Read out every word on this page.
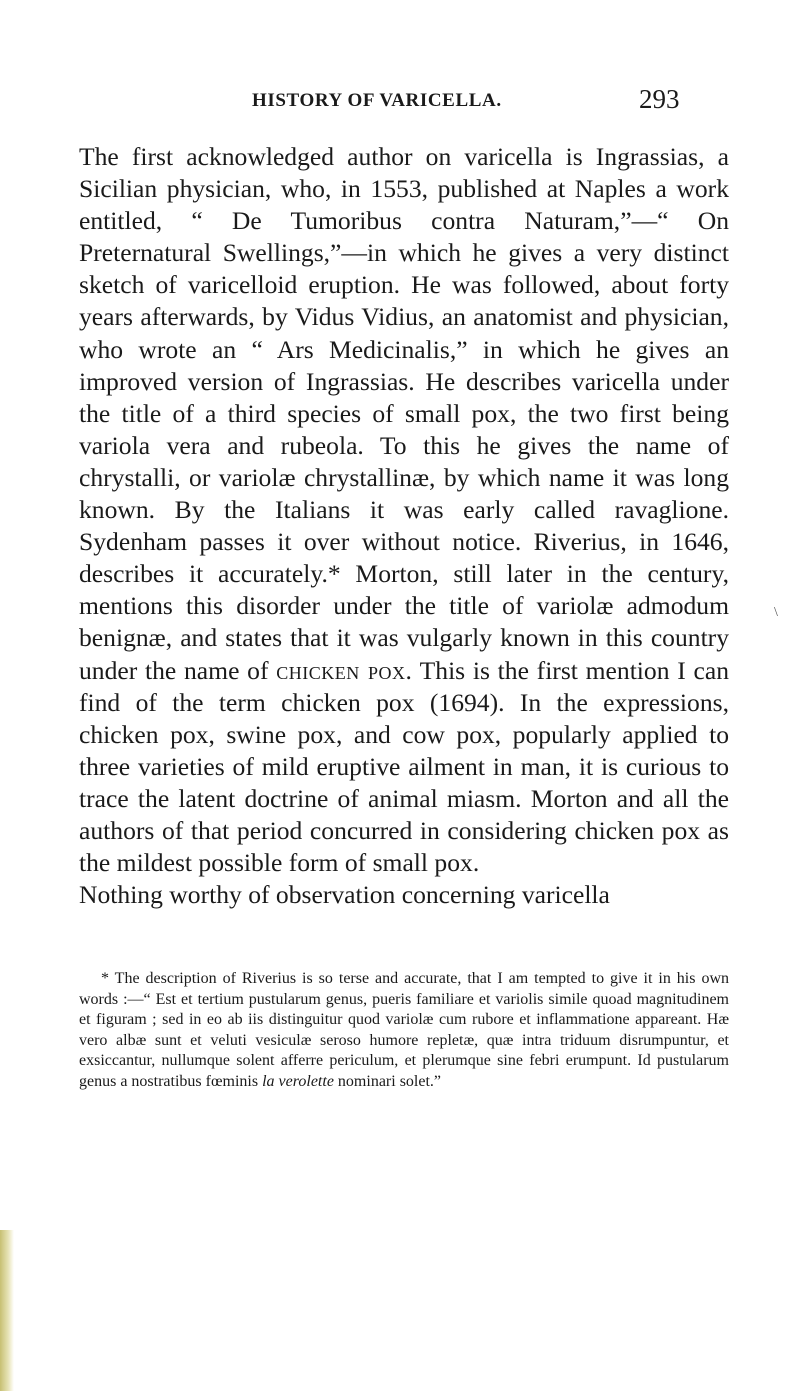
HISTORY OF VARICELLA.	293

The first acknowledged author on varicella is Ingrassias, a Sicilian physician, who, in 1553, published at Naples a work entitled, “ De Tumoribus contra Naturam,”—“ On Preternatural Swellings,”—in which he gives a very distinct sketch of varicelloid eruption. He was followed, about forty years afterwards, by Vidus Vidius, an anatomist and physician, who wrote an “ Ars Medicinalis,” in which he gives an improved version of Ingrassias. He describes varicella under the title of a third species of small pox, the two first being variola vera and rubeola. To this he gives the name of chrystalli, or variolæ chrystallinæ, by which name it was long known. By the Italians it was early called ravaglione. Sydenham passes it over without notice. Riverius, in 1646, describes it accurately.* Morton, still later in the century, mentions this disorder under the title of variolæ admodum benignæ, and states that it was vulgarly known in this country under the name of chicken pox. This is the first mention I can find of the term chicken pox (1694). In the expressions, chicken pox, swine pox, and cow pox, popularly applied to three varieties of mild eruptive ailment in man, it is curious to trace the latent doctrine of animal miasm. Morton and all the authors of that period concurred in considering chicken pox as the mildest possible form of small pox.

Nothing worthy of observation concerning varicella

* The description of Riverius is so terse and accurate, that I am tempted to give it in his own words :—“ Est et tertium pustularum genus, pueris familiare et variolis simile quoad magnitudinem et figuram ; sed in eo ab iis distinguitur quod variolæ cum rubore et inflammatione appareant. Hæ vero albæ sunt et veluti vesiculæ seroso humore repletæ, quæ intra triduum disrumpuntur, et exsiccantur, nullumque solent afferre periculum, et plerumque sine febri erumpunt. Id pustularum genus a nostratibus fœminis la verolette nominari solet.”

\
